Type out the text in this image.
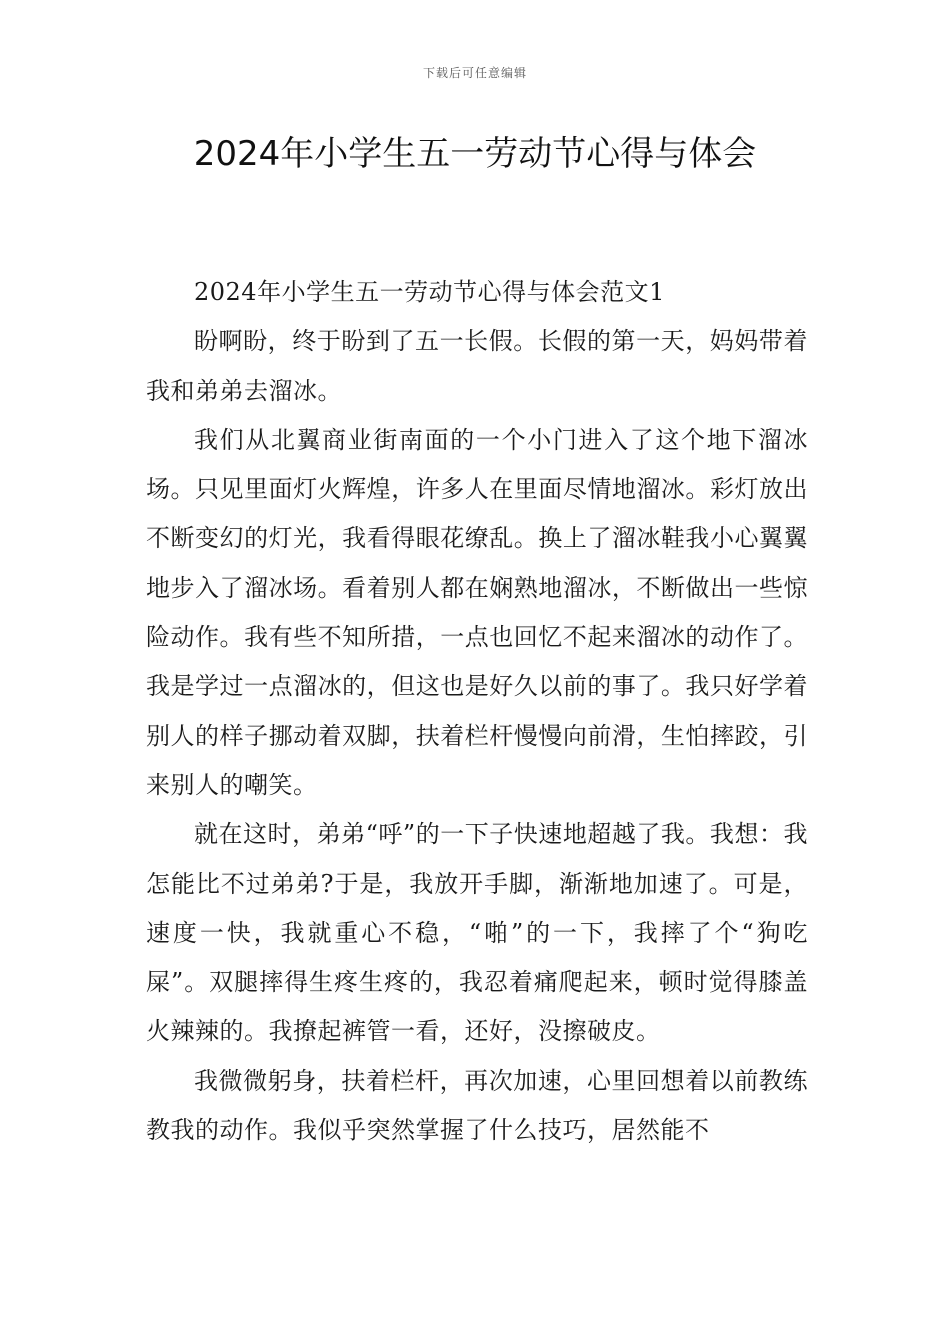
下载后可任意编辑
2024年小学生五一劳动节心得与体会

2024年小学生五一劳动节心得与体会范文1

盼啊盼，终于盼到了五一长假。长假的第一天，妈妈带着我和弟弟去溜冰。

我们从北翼商业街南面的一个小门进入了这个地下溜冰场。只见里面灯火辉煌，许多人在里面尽情地溜冰。彩灯放出不断变幻的灯光，我看得眼花缭乱。换上了溜冰鞋我小心翼翼地步入了溜冰场。看着别人都在娴熟地溜冰，不断做出一些惊险动作。我有些不知所措，一点也回忆不起来溜冰的动作了。我是学过一点溜冰的，但这也是好久以前的事了。我只好学着别人的样子挪动着双脚，扶着栏杆慢慢向前滑，生怕摔跤，引来别人的嘲笑。

就在这时，弟弟“呼”的一下子快速地超越了我。我想：我怎能比不过弟弟?于是，我放开手脚，渐渐地加速了。可是，速度一快，我就重心不稳，“啪”的一下，我摔了个“狗吃屎”。双腿摔得生疼生疼的，我忍着痛爬起来，顿时觉得膝盖火辣辣的。我撩起裤管一看，还好，没擦破皮。

我微微躬身，扶着栏杆，再次加速，心里回想着以前教练教我的动作。我似乎突然掌握了什么技巧，居然能不
